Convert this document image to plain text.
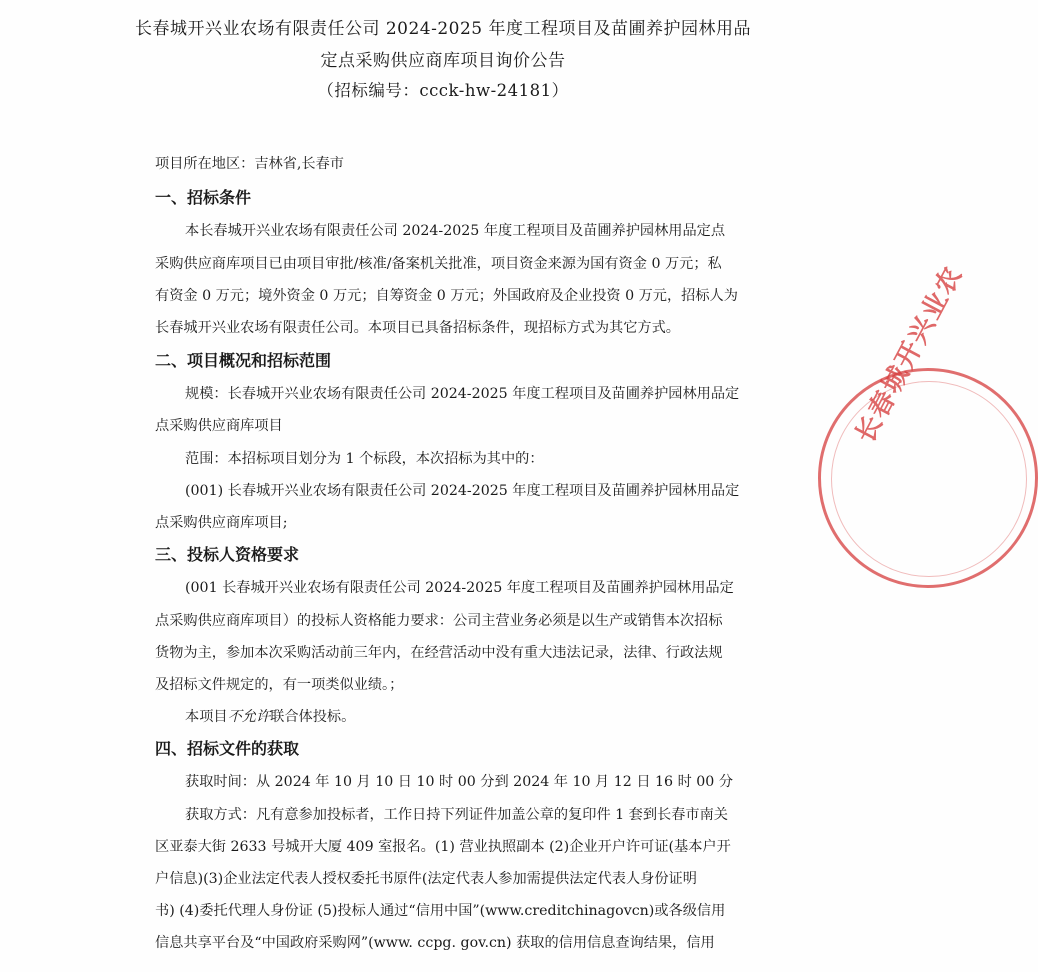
长春城开兴业农场有限责任公司 2024-2025 年度工程项目及苗圃养护园林用品
定点采购供应商库项目询价公告
（招标编号：ccck-hw-24181）
项目所在地区：吉林省,长春市
一、招标条件
本长春城开兴业农场有限责任公司 2024-2025 年度工程项目及苗圃养护园林用品定点
采购供应商库项目已由项目审批/核准/备案机关批准，项目资金来源为国有资金 0 万元；私
有资金 0 万元；境外资金 0 万元；自筹资金 0 万元；外国政府及企业投资 0 万元，招标人为
长春城开兴业农场有限责任公司。本项目已具备招标条件，现招标方式为其它方式。
二、项目概况和招标范围
规模：长春城开兴业农场有限责任公司 2024-2025 年度工程项目及苗圃养护园林用品定
点采购供应商库项目
范围：本招标项目划分为 1 个标段，本次招标为其中的：
(001) 长春城开兴业农场有限责任公司 2024-2025 年度工程项目及苗圃养护园林用品定
点采购供应商库项目;
三、投标人资格要求
(001 长春城开兴业农场有限责任公司 2024-2025 年度工程项目及苗圃养护园林用品定
点采购供应商库项目）的投标人资格能力要求：公司主营业务必须是以生产或销售本次招标
货物为主，参加本次采购活动前三年内，在经营活动中没有重大违法记录，法律、行政法规
及招标文件规定的，有一项类似业绩。；
本项目不允许联合体投标。
四、招标文件的获取
获取时间：从 2024 年 10 月 10 日 10 时 00 分到 2024 年 10 月 12 日 16 时 00 分
获取方式：凡有意参加投标者，工作日持下列证件加盖公章的复印件 1 套到长春市南关
区亚泰大街 2633 号城开大厦 409 室报名。(1) 营业执照副本 (2)企业开户许可证(基本户开
户信息)(3)企业法定代表人授权委托书原件(法定代表人参加需提供法定代表人身份证明
书) (4)委托代理人身份证 (5)投标人通过“信用中国”(www.creditchinagovcn)或各级信用
信息共享平台及“中国政府采购网”(www. ccpg. gov.cn) 获取的信用信息查询结果，信用
长春城开兴业农
